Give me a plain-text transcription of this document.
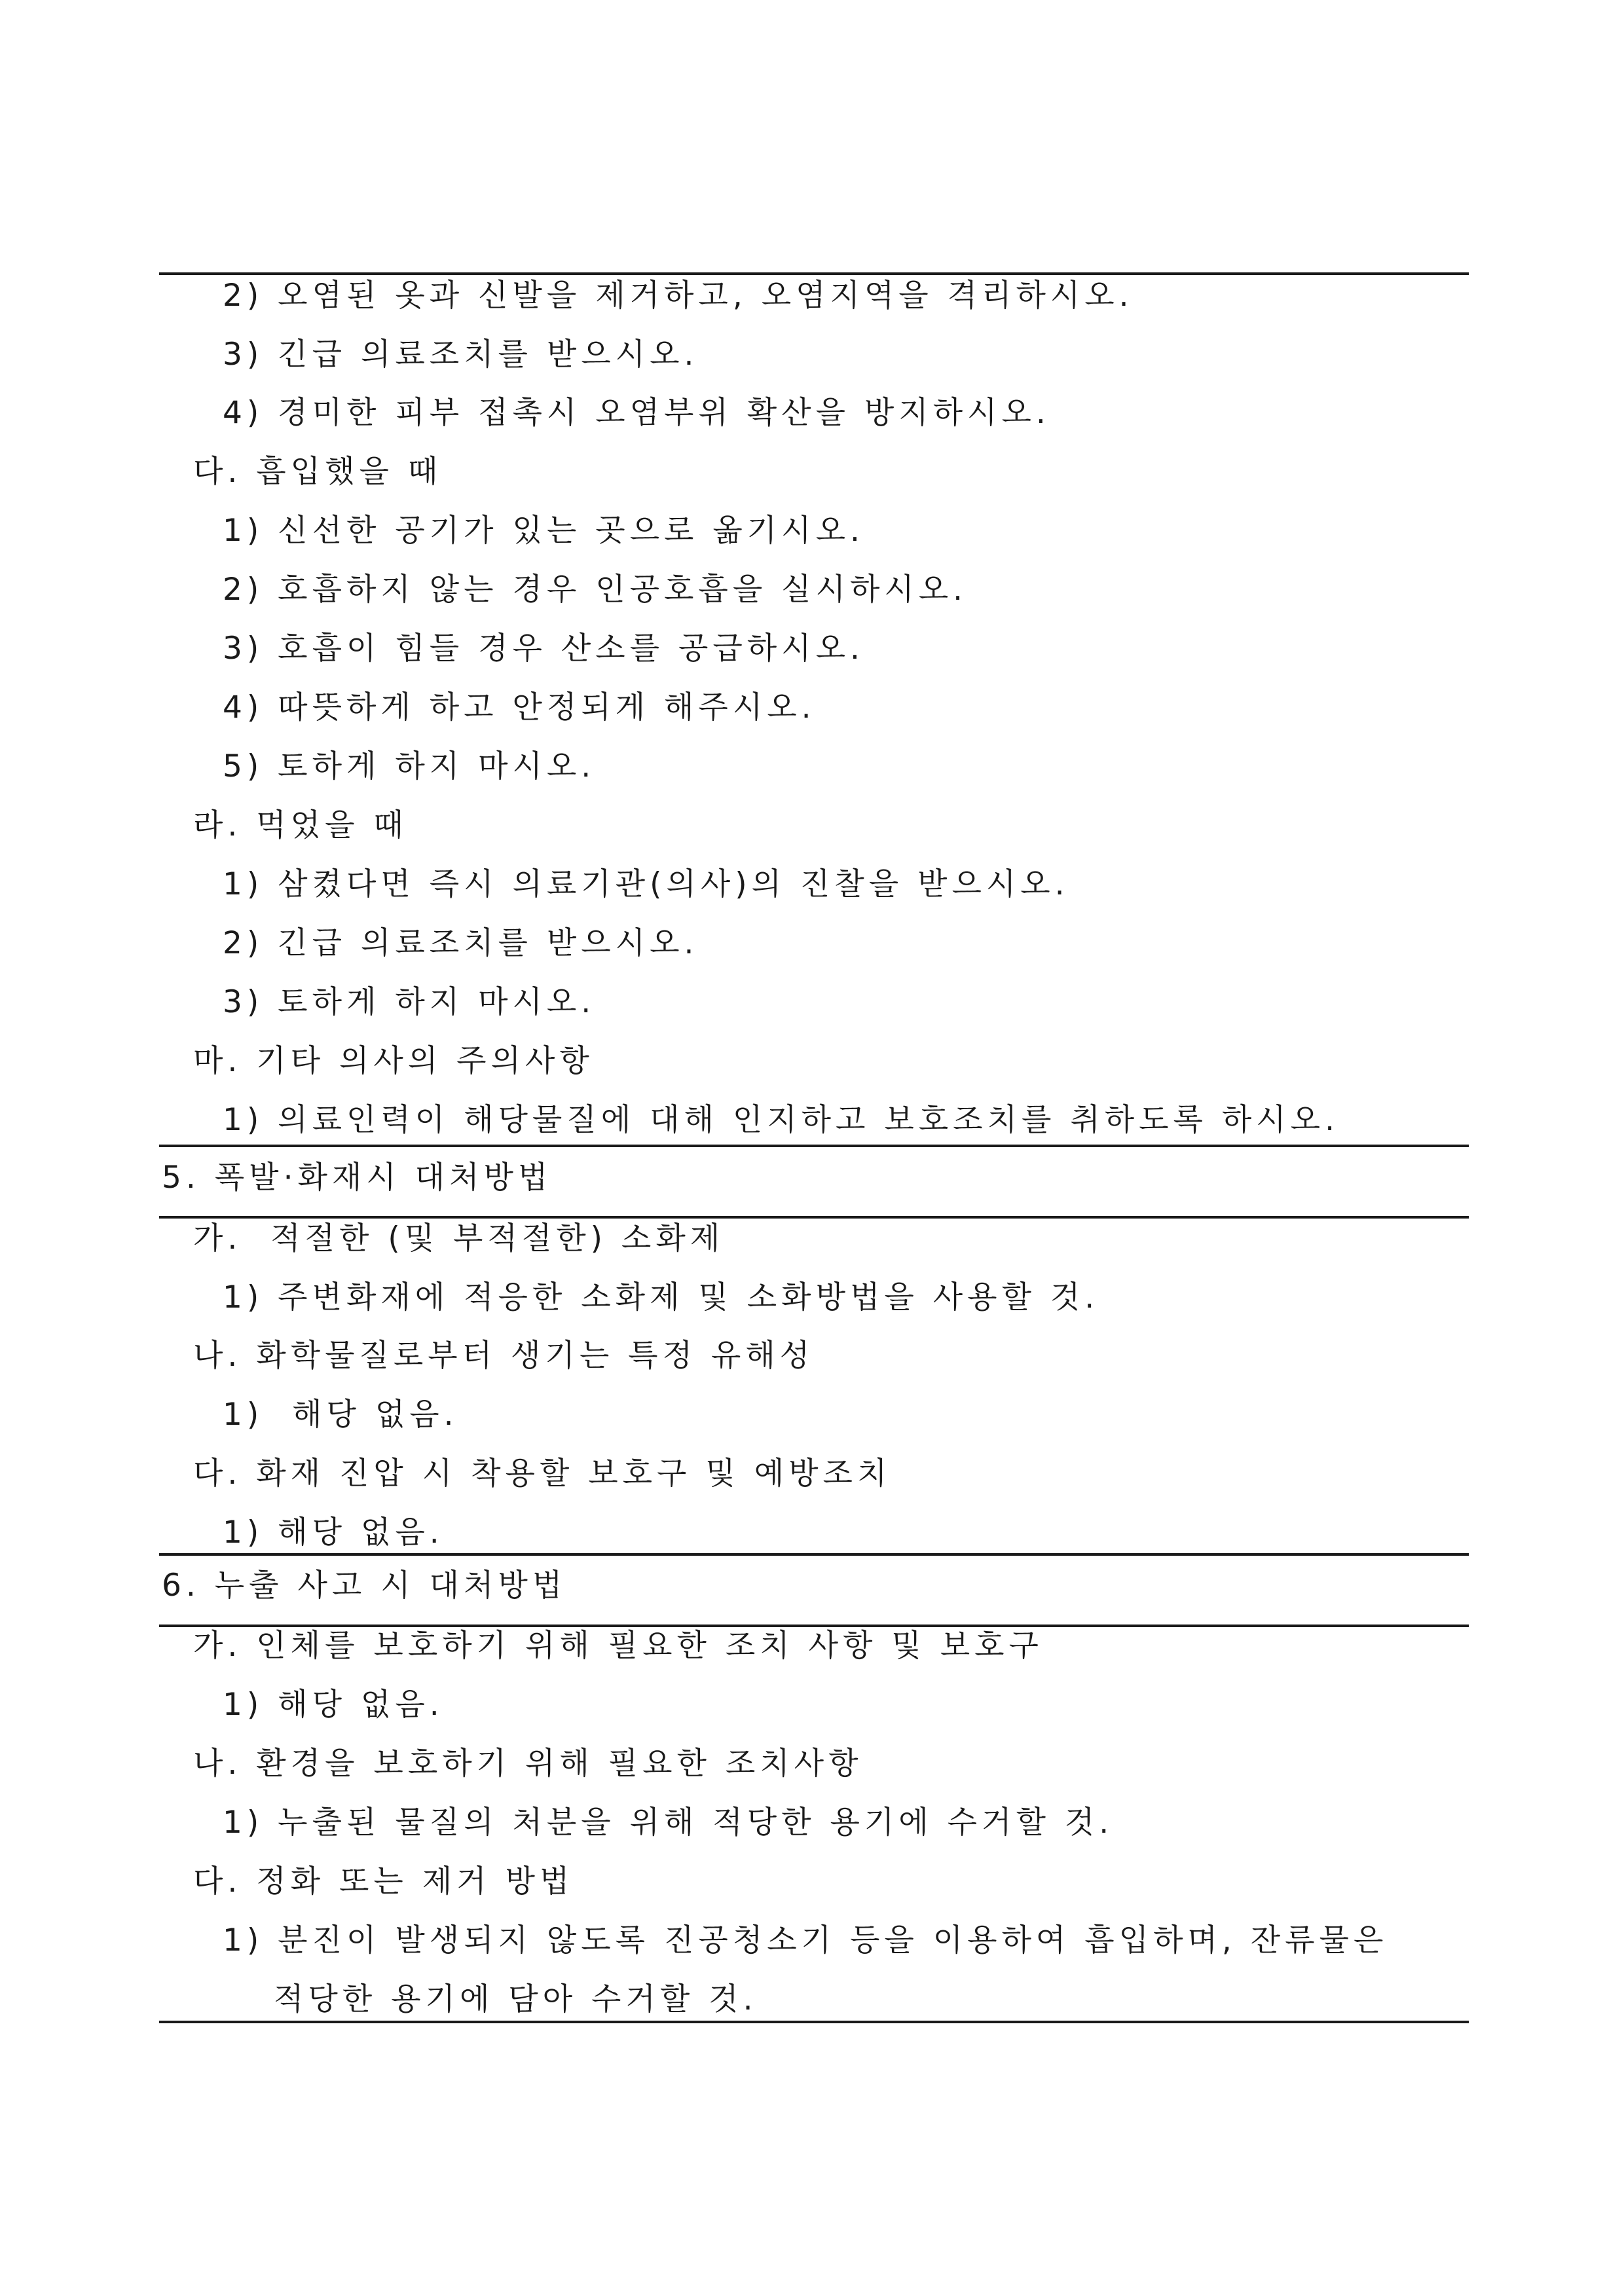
2) 오염된 옷과 신발을 제거하고, 오염지역을 격리하시오.
3) 긴급 의료조치를 받으시오.
4) 경미한 피부 접촉시 오염부위 확산을 방지하시오.
다. 흡입했을 때
1) 신선한 공기가 있는 곳으로 옮기시오.
2) 호흡하지 않는 경우 인공호흡을 실시하시오.
3) 호흡이 힘들 경우 산소를 공급하시오.
4) 따뜻하게 하고 안정되게 해주시오.
5) 토하게 하지 마시오.
라. 먹었을 때
1) 삼켰다면 즉시 의료기관(의사)의 진찰을 받으시오.
2) 긴급 의료조치를 받으시오.
3) 토하게 하지 마시오.
마. 기타 의사의 주의사항
1) 의료인력이 해당물질에 대해 인지하고 보호조치를 취하도록 하시오.
5. 폭발·화재시 대처방법
가.  적절한 (및 부적절한) 소화제
1) 주변화재에 적응한 소화제 및 소화방법을 사용할 것.
나. 화학물질로부터 생기는 특정 유해성
1)  해당 없음.
다. 화재 진압 시 착용할 보호구 및 예방조치
1) 해당 없음.
6. 누출 사고 시 대처방법
가. 인체를 보호하기 위해 필요한 조치 사항 및 보호구
1) 해당 없음.
나. 환경을 보호하기 위해 필요한 조치사항
1) 누출된 물질의 처분을 위해 적당한 용기에 수거할 것.
다. 정화 또는 제거 방법
1) 분진이 발생되지 않도록 진공청소기 등을 이용하여 흡입하며, 잔류물은
적당한 용기에 담아 수거할 것.
